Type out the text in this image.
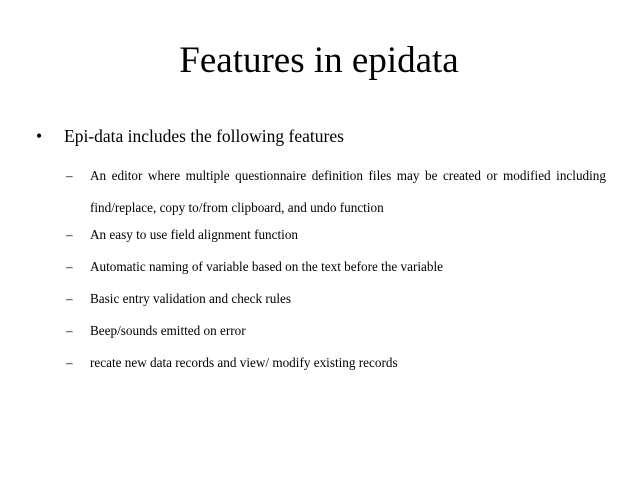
Features in epidata
• Epi-data includes the following features
– An editor where multiple questionnaire definition files may be created or modified including find/replace, copy to/from clipboard, and undo function
– An easy to use field alignment function
– Automatic naming of variable based on the text before the variable
– Basic entry validation and check rules
– Beep/sounds emitted on error
– recate new data records and view/ modify existing records
